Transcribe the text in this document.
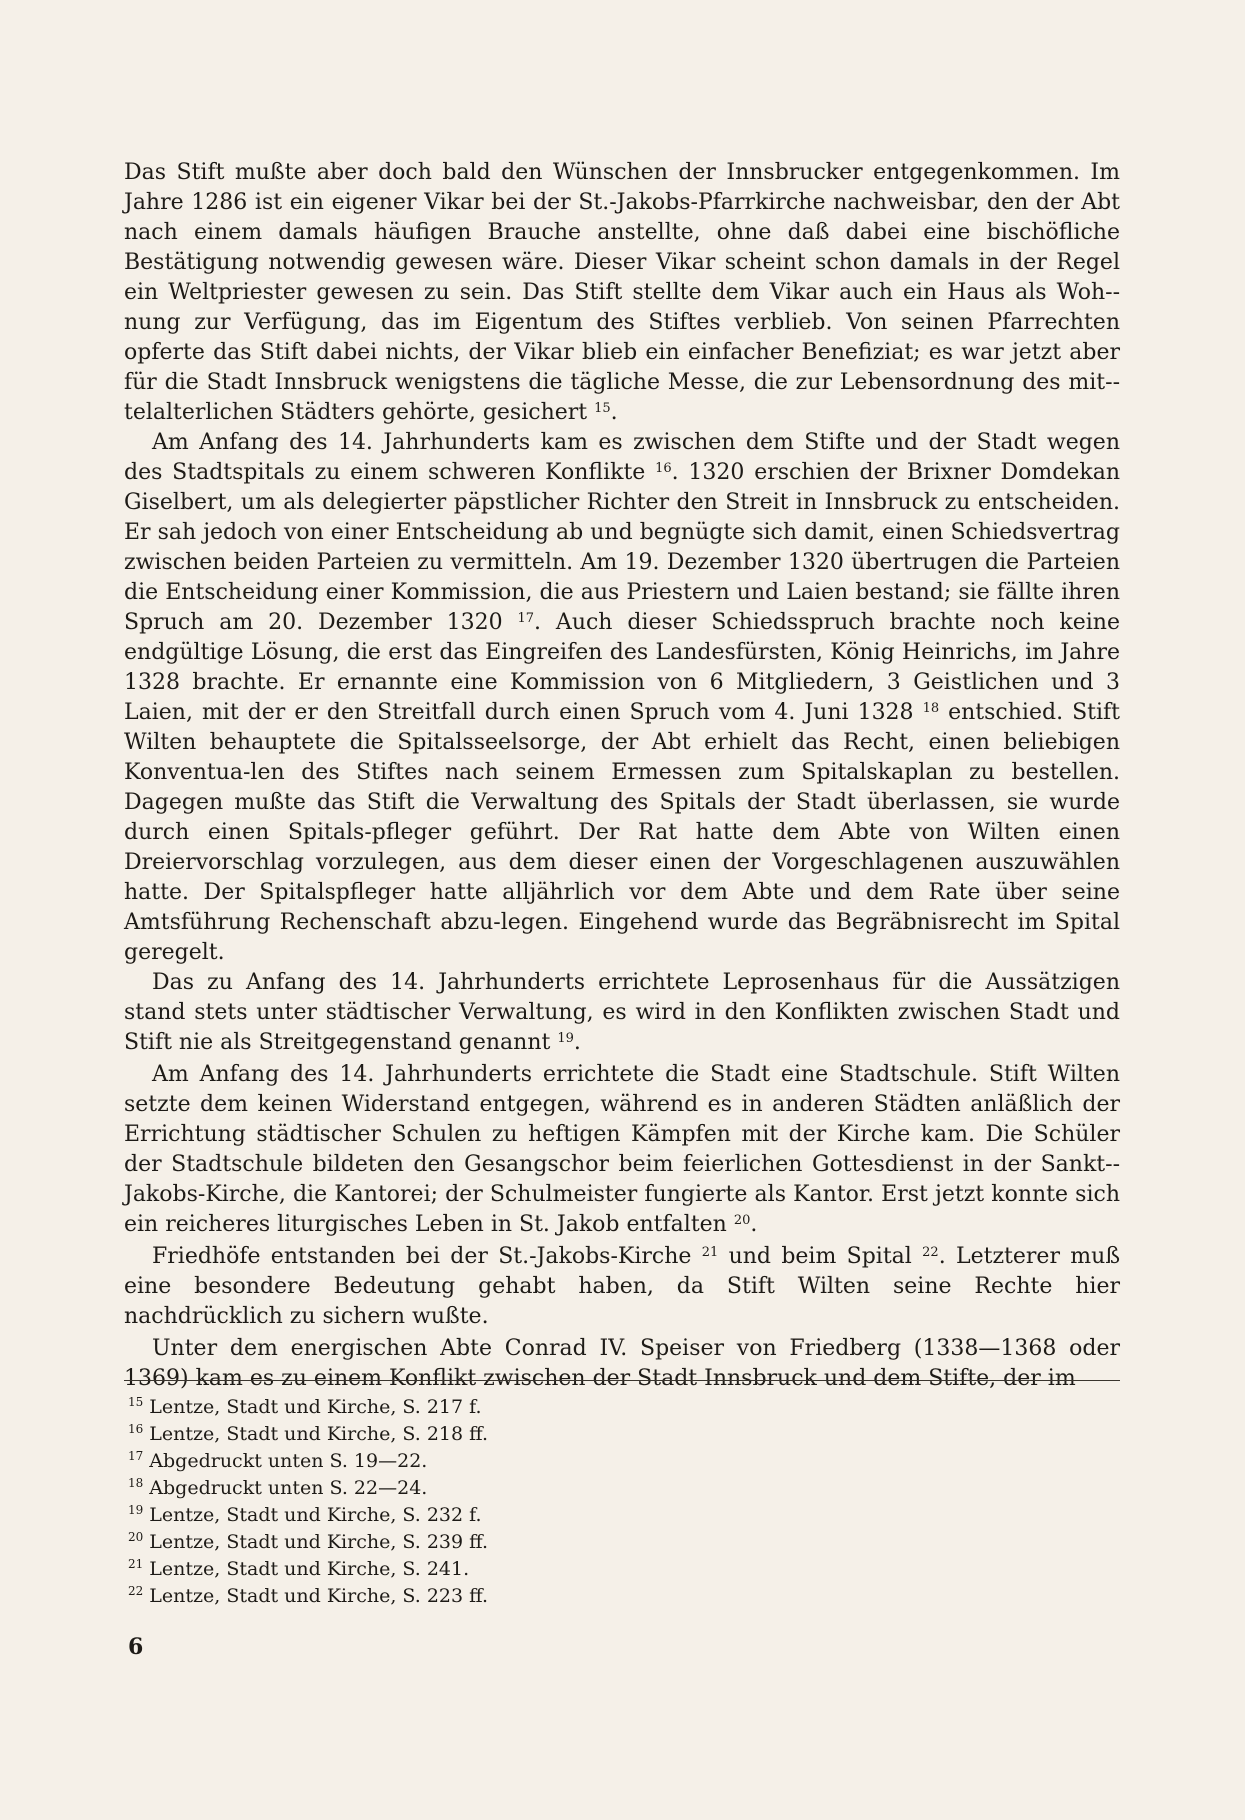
Das Stift mußte aber doch bald den Wünschen der Innsbrucker entgegenkommen. Im Jahre 1286 ist ein eigener Vikar bei der St.-Jakobs-Pfarrkirche nachweisbar, den der Abt nach einem damals häufigen Brauche anstellte, ohne daß dabei eine bischöfliche Bestätigung notwendig gewesen wäre. Dieser Vikar scheint schon damals in der Regel ein Weltpriester gewesen zu sein. Das Stift stellte dem Vikar auch ein Haus als Woh-nung zur Verfügung, das im Eigentum des Stiftes verblieb. Von seinen Pfarrechten opferte das Stift dabei nichts, der Vikar blieb ein einfacher Benefiziat; es war jetzt aber für die Stadt Innsbruck wenigstens die tägliche Messe, die zur Lebensordnung des mit-telalterlichen Städters gehörte, gesichert $^{15}$.

Am Anfang des 14. Jahrhunderts kam es zwischen dem Stifte und der Stadt wegen des Stadtspitals zu einem schweren Konflikte $^{16}$. 1320 erschien der Brixner Domdekan Giselbert, um als delegierter päpstlicher Richter den Streit in Innsbruck zu entscheiden. Er sah jedoch von einer Entscheidung ab und begnügte sich damit, einen Schiedsvertrag zwischen beiden Parteien zu vermitteln. Am 19. Dezember 1320 übertrugen die Parteien die Entscheidung einer Kommission, die aus Priestern und Laien bestand; sie fällte ihren Spruch am 20. Dezember 1320 $^{17}$. Auch dieser Schiedsspruch brachte noch keine endgültige Lösung, die erst das Eingreifen des Landesfürsten, König Heinrichs, im Jahre 1328 brachte. Er ernannte eine Kommission von 6 Mitgliedern, 3 Geistlichen und 3 Laien, mit der er den Streitfall durch einen Spruch vom 4. Juni 1328 $^{18}$ entschied. Stift Wilten behauptete die Spitalsseelsorge, der Abt erhielt das Recht, einen beliebigen Konventua-len des Stiftes nach seinem Ermessen zum Spitalskaplan zu bestellen. Dagegen mußte das Stift die Verwaltung des Spitals der Stadt überlassen, sie wurde durch einen Spitals-pfleger geführt. Der Rat hatte dem Abte von Wilten einen Dreiervorschlag vorzulegen, aus dem dieser einen der Vorgeschlagenen auszuwählen hatte. Der Spitalspfleger hatte alljährlich vor dem Abte und dem Rate über seine Amtsführung Rechenschaft abzu-legen. Eingehend wurde das Begräbnisrecht im Spital geregelt.

Das zu Anfang des 14. Jahrhunderts errichtete Leprosenhaus für die Aussätzigen stand stets unter städtischer Verwaltung, es wird in den Konflikten zwischen Stadt und Stift nie als Streitgegenstand genannt $^{19}$.

Am Anfang des 14. Jahrhunderts errichtete die Stadt eine Stadtschule. Stift Wilten setzte dem keinen Widerstand entgegen, während es in anderen Städten anläßlich der Errichtung städtischer Schulen zu heftigen Kämpfen mit der Kirche kam. Die Schüler der Stadtschule bildeten den Gesangschor beim feierlichen Gottesdienst in der Sankt-Jakobs-Kirche, die Kantorei; der Schulmeister fungierte als Kantor. Erst jetzt konnte sich ein reicheres liturgisches Leben in St. Jakob entfalten $^{20}$.

Friedhöfe entstanden bei der St.-Jakobs-Kirche $^{21}$ und beim Spital $^{22}$. Letzterer muß eine besondere Bedeutung gehabt haben, da Stift Wilten seine Rechte hier nachdrücklich zu sichern wußte.

Unter dem energischen Abte Conrad IV. Speiser von Friedberg (1338—1368 oder 1369) kam es zu einem Konflikt zwischen der Stadt Innsbruck und dem Stifte, der im

$^{15}$ Lentze, Stadt und Kirche, S. 217 f.
$^{16}$ Lentze, Stadt und Kirche, S. 218 ff.
$^{17}$ Abgedruckt unten S. 19—22.
$^{18}$ Abgedruckt unten S. 22—24.
$^{19}$ Lentze, Stadt und Kirche, S. 232 f.
$^{20}$ Lentze, Stadt und Kirche, S. 239 ff.
$^{21}$ Lentze, Stadt und Kirche, S. 241.
$^{22}$ Lentze, Stadt und Kirche, S. 223 ff.
6
